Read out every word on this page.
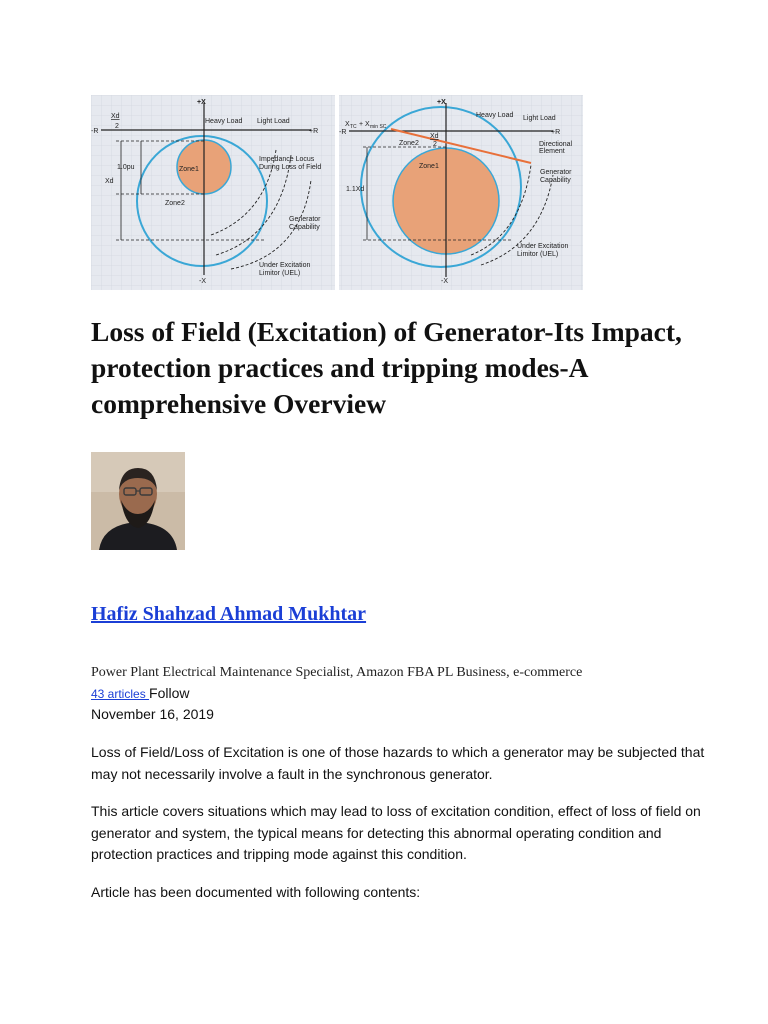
+X
-X
-R	+R
Xd
2
1.0pu
Xd
Heavy Load Light Load
Zone1
Zone2
Impedance Locus
During Loss of Field
Generator
Capability
Under Excitation
Limitor (UEL)
+X
-X
-R	+R
X TC + X min SC
Xd
2
1.1Xd
Heavy Load Light Load
Zone1
Zone2	Directional
Element
Generator
Capability
Under Excitation
Limitor (UEL)
Loss of Field (Excitation) of Generator-Its Impact, protection practices and tripping modes-A comprehensive Overview
Hafiz Shahzad Ahmad Mukhtar
Power Plant Electrical Maintenance Specialist, Amazon FBA PL Business, e-commerce
43 articles Follow
November 16, 2019

Loss of Field/Loss of Excitation is one of those hazards to which a generator may be subjected that may not necessarily involve a fault in the synchronous generator.

This article covers situations which may lead to loss of excitation condition, effect of loss of field on generator and system, the typical means for detecting this abnormal operating condition and protection practices and tripping mode against this condition.

Article has been documented with following contents:
